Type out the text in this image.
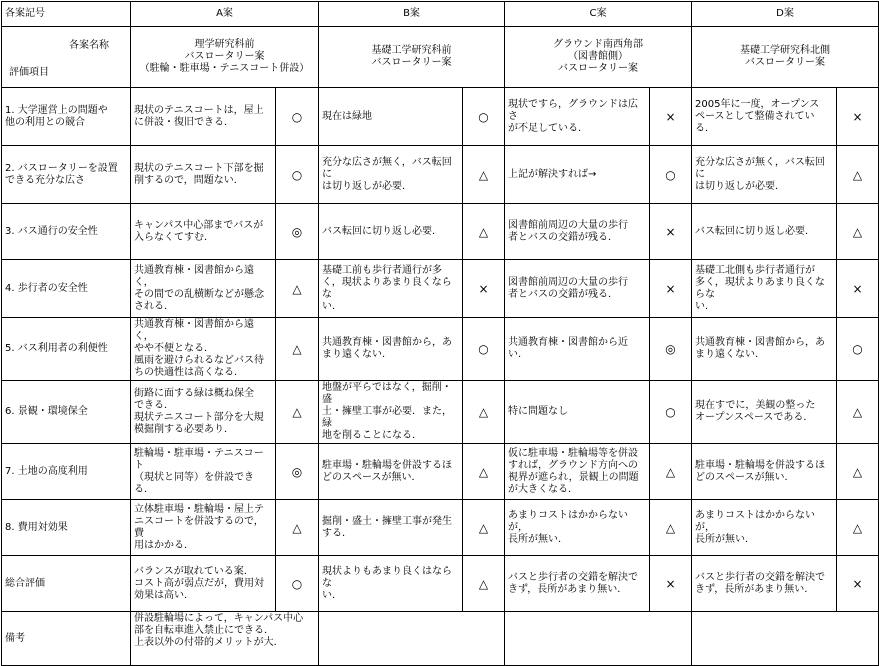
各案記号	A案		B案		C案		D案	

各案名称
評価項目	理学研究科前
バスロータリー案
（駐輪・駐車場・テニスコート併設）		基礎工学研究科前
バスロータリー案		グラウンド南西角部
（図書館側）
バスロータリー案		基礎工学研究科北側
バスロータリー案	
1. 大学運営上の問題や
他の利用との競合	現状のテニスコートは，屋上
に併設・復旧できる．	○	現在は緑地	○	現状ですら，グラウンドは広さ
が不足している．	×	2005年に一度，オープンス
ペースとして整備されている．	×
2. バスロータリーを設置
できる充分な広さ	現状のテニスコート下部を掘
削するので，問題ない．	○	充分な広さが無く，バス転回に
は切り返しが必要．	△	上記が解決すれば→	○	充分な広さが無く，バス転回に
は切り返しが必要．	△
3. バス通行の安全性	キャンパス中心部までバスが
入らなくてすむ．	◎	バス転回に切り返し必要．	△	図書館前周辺の大量の歩行
者とバスの交錯が残る．	×	バス転回に切り返し必要．	△
4. 歩行者の安全性	共通教育棟・図書館から遠く，
その間での乱横断などが懸念
される．	△	基礎工前も歩行者通行が多
く，現状よりあまり良くならな
い．	×	図書館前周辺の大量の歩行
者とバスの交錯が残る．	×	基礎工北側も歩行者通行が
多く，現状よりあまり良くならな
い．	×
5. バス利用者の利便性	共通教育棟・図書館から遠く，
やや不便となる．
風雨を避けられるなどバス待
ちの快適性は高くなる．	△	共通教育棟・図書館から，あ
まり遠くない．	○	共通教育棟・図書館から近
い．	◎	共通教育棟・図書館から，あ
まり遠くない．	○
6. 景観・環境保全	街路に面する緑は概ね保全
できる．
現状テニスコート部分を大規
模掘削する必要あり．	△	地盤が平らではなく，掘削・盛
土・擁壁工事が必要．また，緑
地を削ることになる．	△	特に問題なし	○	現在すでに，美観の整った
オープンスペースである．	△
7. 土地の高度利用	駐輪場・駐車場・テニスコート
（現状と同等）を併設できる．	◎	駐車場・駐輪場を併設するほ
どのスペースが無い．	△	仮に駐車場・駐輪場等を併設
すれば，グラウンド方向への
視界が遮られ，景観上の問題
が大きくなる．	△	駐車場・駐輪場を併設するほ
どのスペースが無い．	△
8. 費用対効果	立体駐車場・駐輪場・屋上テ
ニスコートを併設するので，費
用はかかる．	△	掘削・盛土・擁壁工事が発生
する．	△	あまりコストはかからないが，
長所が無い．	△	あまりコストはかからないが，
長所が無い．	△
総合評価	バランスが取れている案．
コスト高が弱点だが，費用対
効果は高い．	○	現状よりもあまり良くはならな
い．	△	バスと歩行者の交錯を解決で
きず，長所があまり無い．	×	バスと歩行者の交錯を解決で
きず，長所があまり無い．	×
備考	併設駐輪場によって，キャンパス中心
部を自転車進入禁止にできる．
上表以外の付帯的メリットが大．							
